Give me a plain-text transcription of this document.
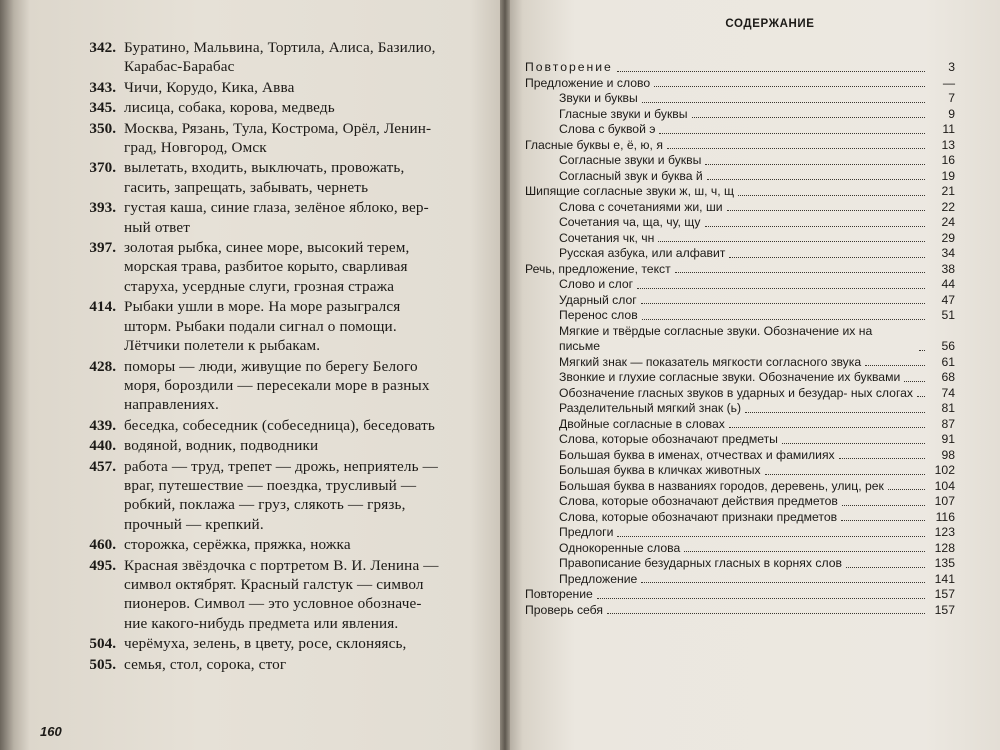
342. Буратино, Мальвина, Тортила, Алиса, Базилио,
Карабас-Барабас
343. Чичи, Корудо, Кика, Авва
345. лисица, собака, корова, медведь
350. Москва, Рязань, Тула, Кострома, Орёл, Ленин-
град, Новгород, Омск
370. вылетать, входить, выключать, провожать,
гасить, запрещать, забывать, чернеть
393. густая каша, синие глаза, зелёное яблоко, вер-
ный ответ
397. золотая рыбка, синее море, высокий терем,
морская трава, разбитое корыто, сварливая
старуха, усердные слуги, грозная стража
414. Рыбаки ушли в море. На море разыгрался
шторм. Рыбаки подали сигнал о помощи.
Лётчики полетели к рыбакам.
428. поморы — люди, живущие по берегу Белого
моря, бороздили — пересекали море в разных
направлениях.
439. беседка, собеседник (собеседница), беседовать
440. водяной, водник, подводники
457. работа — труд, трепет — дрожь, неприятель —
враг, путешествие — поездка, трусливый —
робкий, поклажа — груз, слякоть — грязь,
прочный — крепкий.
460. сторожка, серёжка, пряжка, ножка
495. Красная звёздочка с портретом В. И. Ленина —
символ октябрят. Красный галстук — символ
пионеров. Символ — это условное обозначе-
ние какого-нибудь предмета или явления.
504. черёмуха, зелень, в цвету, росе, склоняясь,
505. семья, стол, сорока, стог
160
СОДЕРЖАНИЕ
Повторение	3
Предложение и слово	—
Звуки и буквы	7
Гласные звуки и буквы	9
Слова с буквой э	11
Гласные буквы е, ё, ю, я	13
Согласные звуки и буквы	16
Согласный звук и буква й	19
Шипящие согласные звуки ж, ш, ч, щ	21
Слова с сочетаниями жи, ши	22
Сочетания ча, ща, чу, щу	24
Сочетания чк, чн	29
Русская азбука, или алфавит	34
Речь, предложение, текст	38
Слово и слог	44
Ударный слог	47
Перенос слов	51
Мягкие и твёрдые согласные звуки. Обозначение их на письме	56
Мягкий знак — показатель мягкости согласного звука	61
Звонкие и глухие согласные звуки. Обозначение их буквами	68
Обозначение гласных звуков в ударных и безудар- ных слогах	74
Разделительный мягкий знак (ь)	81
Двойные согласные в словах	87
Слова, которые обозначают предметы	91
Большая буква в именах, отчествах и фамилиях	98
Большая буква в кличках животных	102
Большая буква в названиях городов, деревень, улиц, рек	104
Слова, которые обозначают действия предметов	107
Слова, которые обозначают признаки предметов	116
Предлоги	123
Однокоренные слова	128
Правописание безударных гласных в корнях слов	135
Предложение	141
Повторение	157
Проверь себя	157
